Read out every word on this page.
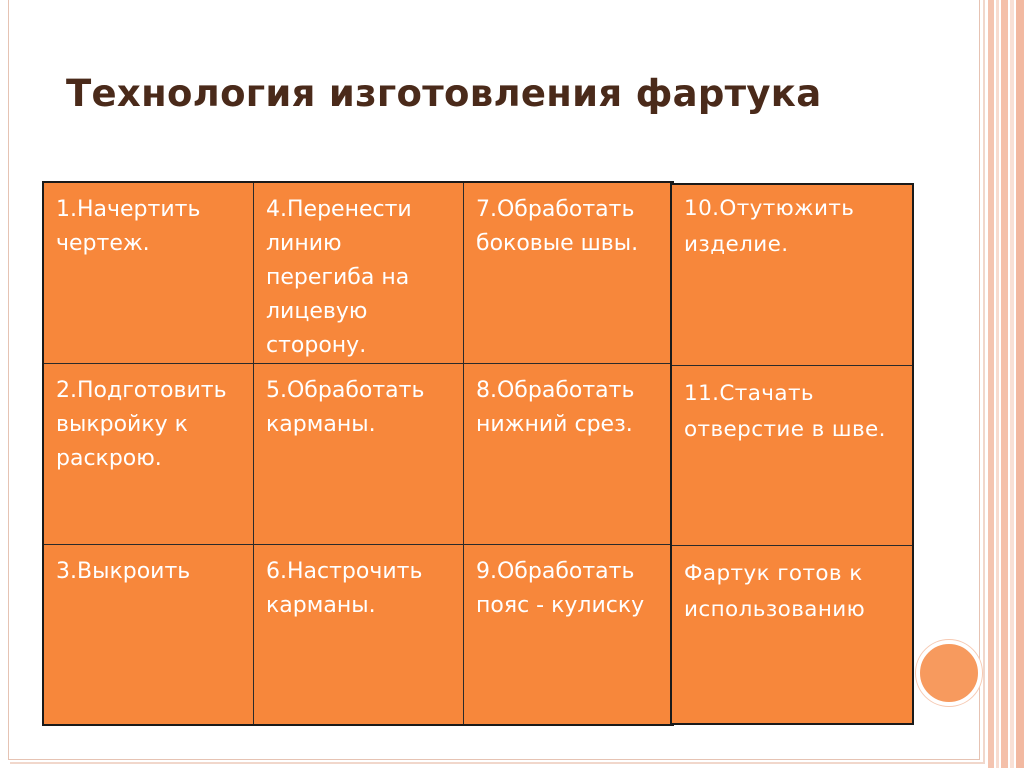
Технология изготовления фартука
1.Начертить чертеж.
4.Перенести линию перегиба на лицевую сторону.
7.Обработать боковые швы.
2.Подготовить выкройку к раскрою.
5.Обработать карманы.
8.Обработать нижний срез.
3.Выкроить	6.Настрочить карманы.
9.Обработать пояс - кулиску
10.Отутюжить изделие.
11.Стачать отверстие в шве.
Фартук готов к использованию
